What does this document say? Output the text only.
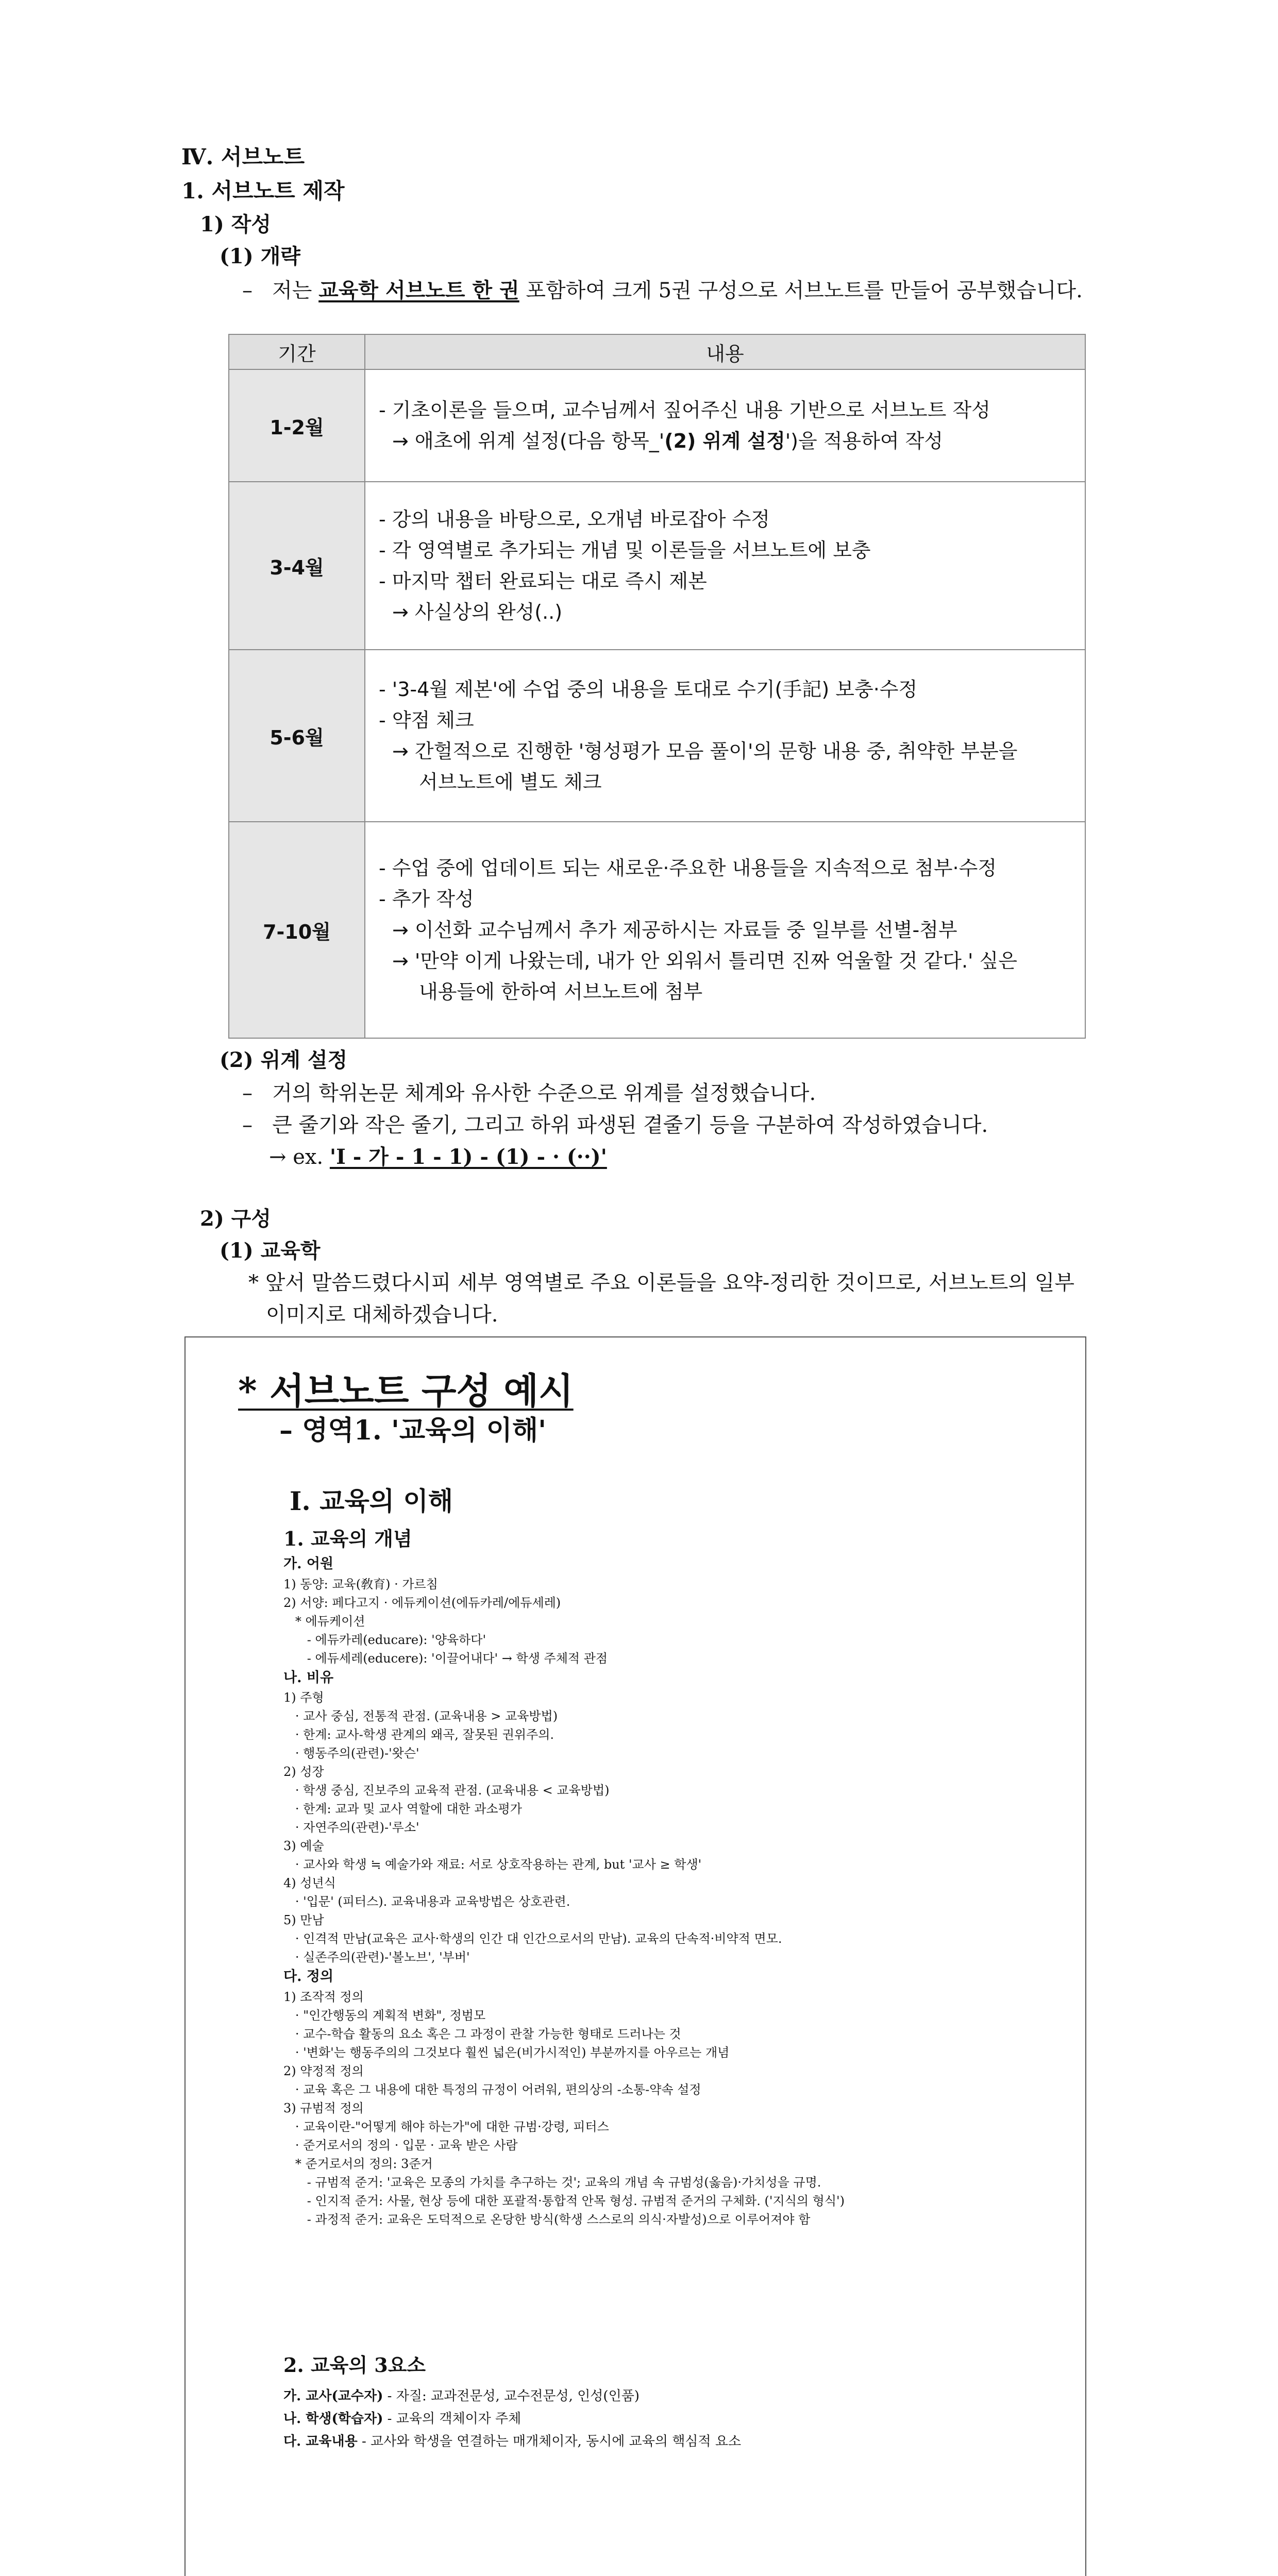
Ⅳ. 서브노트
1. 서브노트 제작
1) 작성
(1) 개략
– 저는 교육학 서브노트 한 권 포함하여 크게 5권 구성으로 서브노트를 만들어 공부했습니다.
기간	내용
1-2월	- 기초이론을 들으며, 교수님께서 짚어주신 내용 기반으로 서브노트 작성
→ 애초에 위계 설정(다음 항목_'(2) 위계 설정')을 적용하여 작성

3-4월	- 강의 내용을 바탕으로, 오개념 바로잡아 수정
- 각 영역별로 추가되는 개념 및 이론들을 서브노트에 보충
- 마지막 챕터 완료되는 대로 즉시 제본
→ 사실상의 완성(..)

5-6월	- '3-4월 제본'에 수업 중의 내용을 토대로 수기(手記) 보충·수정
- 약점 체크
→ 간헐적으로 진행한 '형성평가 모음 풀이'의 문항 내용 중, 취약한 부분을
서브노트에 별도 체크

7-10월	- 수업 중에 업데이트 되는 새로운·주요한 내용들을 지속적으로 첨부·수정
- 추가 작성
→ 이선화 교수님께서 추가 제공하시는 자료들 중 일부를 선별-첨부
→ '만약 이게 나왔는데, 내가 안 외워서 틀리면 진짜 억울할 것 같다.' 싶은
내용들에 한하여 서브노트에 첨부
(2) 위계 설정
–   거의 학위논문 체계와 유사한 수준으로 위계를 설정했습니다.
–   큰 줄기와 작은 줄기, 그리고 하위 파생된 곁줄기 등을 구분하여 작성하였습니다.
→ ex. 'Ⅰ - 가 - 1 - 1) - (1) - · (··)'
2) 구성
(1) 교육학
* 앞서 말씀드렸다시피 세부 영역별로 주요 이론들을 요약-정리한 것이므로, 서브노트의 일부
이미지로 대체하겠습니다.
* 서브노트 구성 예시
– 영역1. '교육의 이해'
Ⅰ. 교육의 이해
1. 교육의 개념
가. 어원
1) 동양: 교육(敎育) · 가르침
2) 서양: 페다고지 · 에듀케이션(에듀카레/에듀세레)
* 에듀케이션
- 에듀카레(educare): '양육하다'
- 에듀세레(educere): '이끌어내다' → 학생 주체적 관점
나. 비유
1) 주형
· 교사 중심, 전통적 관점. (교육내용 > 교육방법)
· 한계: 교사-학생 관계의 왜곡, 잘못된 권위주의.
· 행동주의(관련)-'왓슨'
2) 성장
· 학생 중심, 진보주의 교육적 관점. (교육내용 < 교육방법)
· 한계: 교과 및 교사 역할에 대한 과소평가
· 자연주의(관련)-'루소'
3) 예술
· 교사와 학생 ≒ 예술가와 재료: 서로 상호작용하는 관계, but '교사 ≥ 학생'
4) 성년식
· '입문' (피터스). 교육내용과 교육방법은 상호관련.
5) 만남
· 인격적 만남(교육은 교사·학생의 인간 대 인간으로서의 만남). 교육의 단속적·비약적 면모.
· 실존주의(관련)-'볼노브', '부버'
다. 정의
1) 조작적 정의
· "인간행동의 계획적 변화", 정범모
· 교수-학습 활동의 요소 혹은 그 과정이 관찰 가능한 형태로 드러나는 것
· '변화'는 행동주의의 그것보다 훨씬 넓은(비가시적인) 부분까지를 아우르는 개념
2) 약정적 정의
· 교육 혹은 그 내용에 대한 특정의 규정이 어려워, 편의상의 -소통-약속 설정
3) 규범적 정의
· 교육이란-"어떻게 해야 하는가"에 대한 규범·강령, 피터스
· 준거로서의 정의 · 입문 · 교육 받은 사람
* 준거로서의 정의: 3준거
- 규범적 준거: '교육은 모종의 가치를 추구하는 것'; 교육의 개념 속 규범성(옳음)·가치성을 규명.
- 인지적 준거: 사물, 현상 등에 대한 포괄적·통합적 안목 형성. 규범적 준거의 구체화. ('지식의 형식')
- 과정적 준거: 교육은 도덕적으로 온당한 방식(학생 스스로의 의식·자발성)으로 이루어져야 함
2. 교육의 3요소
가. 교사(교수자) - 자질: 교과전문성, 교수전문성, 인성(인품)
나. 학생(학습자) - 교육의 객체이자 주체
다. 교육내용 - 교사와 학생을 연결하는 매개체이자, 동시에 교육의 핵심적 요소
